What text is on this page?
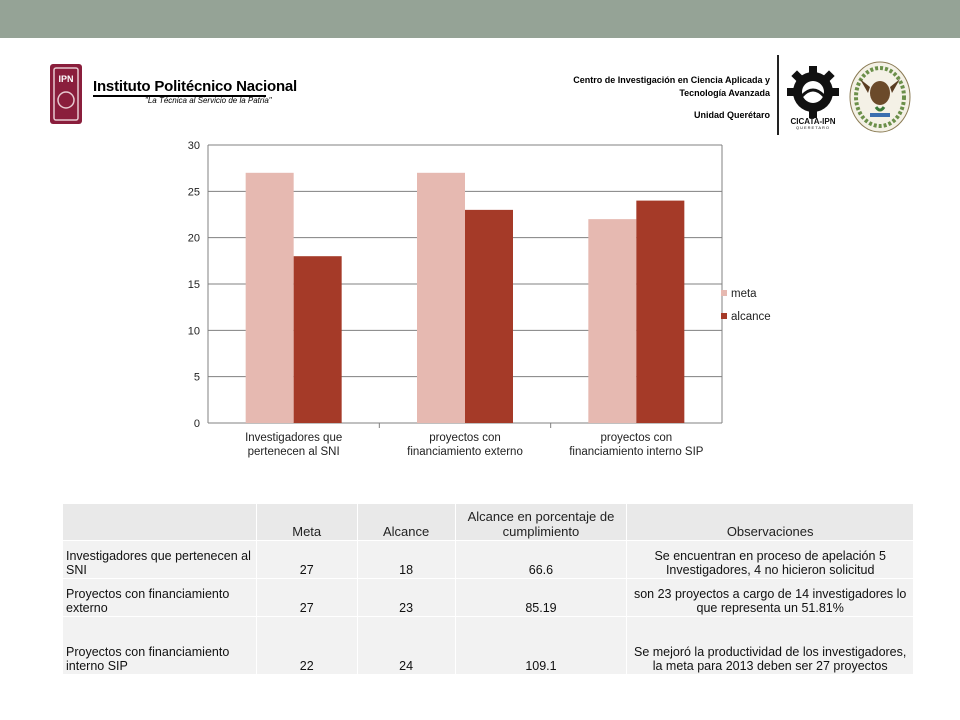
IPN Instituto Politécnico Nacional
"La Técnica al Servicio de la Patria"
Centro de Investigación en Ciencia Aplicada y
Tecnología Avanzada
Unidad Querétaro
CICATA-IPN
QUERETARO
0
5
10
15
20
25
30
Investigadores que pertenecen al SNI
proyectos con financiamiento externo
proyectos con financiamiento interno SIP
meta
alcance
	Meta	Alcance	Alcance en porcentaje de cumplimiento	Observaciones
Investigadores que pertenecen al SNI	27	18	66.6	Se encuentran en proceso de apelación 5 Investigadores, 4 no hicieron solicitud
Proyectos con financiamiento externo	27	23	85.19	son 23 proyectos a cargo de 14 investigadores lo que representa un 51.81%
Proyectos con financiamiento interno SIP	22	24	109.1	Se mejoró la productividad de los investigadores, la meta para 2013 deben ser 27 proyectos
